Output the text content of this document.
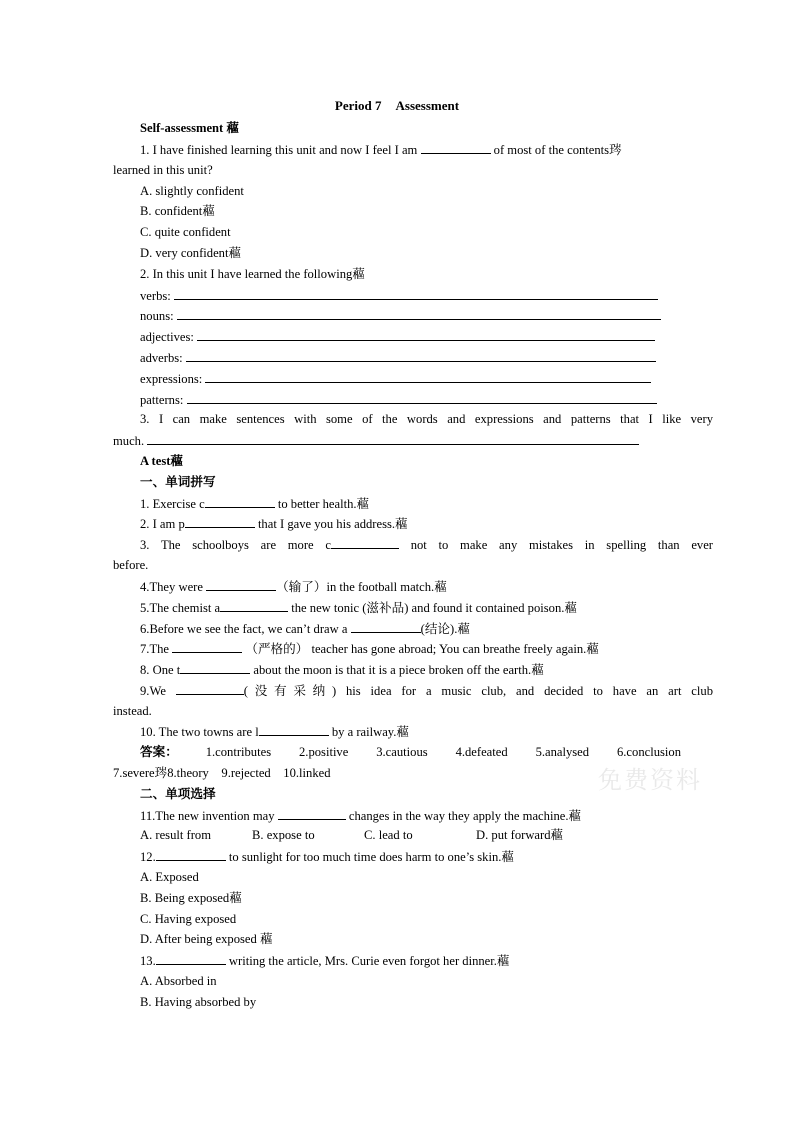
Period 7 Assessment
Self-assessment 藲
1. I have finished learning this unit and now I feel I am	of most of the contents琌
learned in this unit?
A. slightly confident
B. confident藲
C. quite confident
D. very confident藲
2. In this unit I have learned the following藲
verbs:
nouns:
adjectives:
adverbs:
expressions:
patterns:
3. I can make sentences with some of the words and expressions and patterns that I like very
much.
A test藲
一、单词拼写
1. Exercise c	to better health.藲
2. I am p	that I gave you his address.藲
3. The schoolboys are more c	not to make any mistakes in spelling than ever
before.
4.They were	（输了）in the football match.藲
5.The chemist a	the new tonic (滋补品) and found it contained poison.藲
6.Before we see the fact, we can’t draw a	(结论).藲
7.The	（严格的） teacher has gone abroad; You can breathe freely again.藲
8. One t	about the moon is that it is a piece broken off the earth.藲
9.We	(没有采纳) his idea for a music club, and decided to have an art club
instead.
10. The two towns are l	by a railway.藲
答案： 1.contributes 2.positive 3.cautious 4.defeated 5.analysed 6.conclusion
7.severe琌8.theory    9.rejected    10.linked
二、单项选择
11.The new invention may	changes in the way they apply the machine.藲
A. result from	B. expose to	C. lead to	D. put forward藲
12.	to sunlight for too much time does harm to one’s skin.藲
A. Exposed
B. Being exposed藲
C. Having exposed
D. After being exposed 藲
13.	writing the article, Mrs. Curie even forgot her dinner.藲
A. Absorbed in
B. Having absorbed by
免费资料
